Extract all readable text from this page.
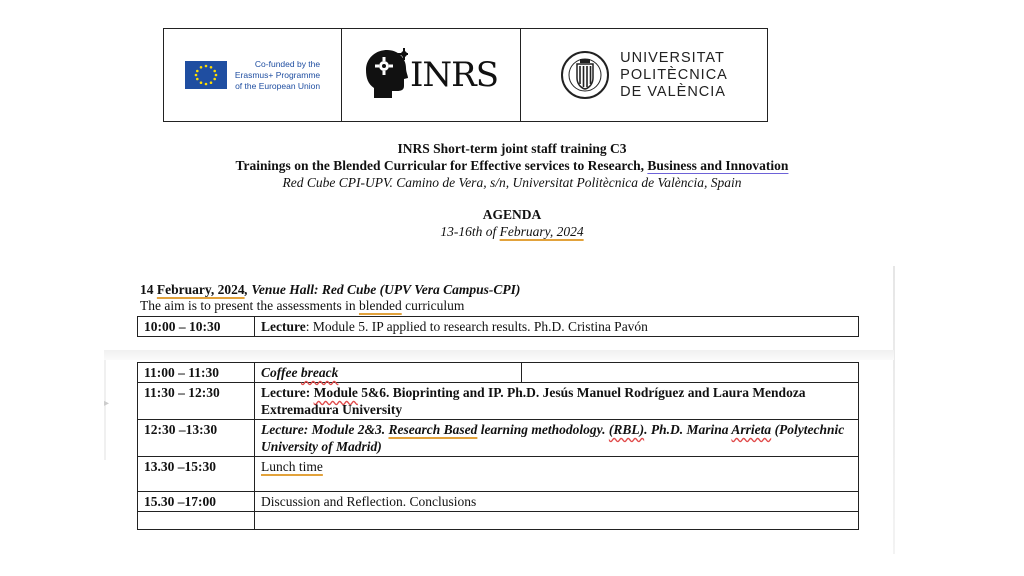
Co-funded by the
Erasmus+ Programme
of the European Union	INRS	UNIVERSITAT
POLITÈCNICA
DE VALÈNCIA
INRS Short-term joint staff training C3
Trainings on the Blended Curricular for Effective services to Research, Business and Innovation
Red Cube CPI-UPV. Camino de Vera, s/n, Universitat Politècnica de València, Spain
AGENDA
13-16th of February, 2024
▸
14 February, 2024, Venue Hall: Red Cube (UPV Vera Campus-CPI)
The aim is to present the assessments in blended curriculum
10:00 – 10:30	Lecture: Module 5. IP applied to research results. Ph.D. Cristina Pavón
11:00 – 11:30	Coffee breack

11:30 – 12:30	Lecture: Module 5&6. Bioprinting and IP. Ph.D. Jesús Manuel Rodríguez and Laura Mendoza Extremadura University
12:30 –13:30	Lecture: Module 2&3. Research Based learning methodology. (RBL). Ph.D. Marina Arrieta (Polytechnic University of Madrid)
13.30 –15:30	Lunch time
15.30 –17:00	Discussion and Reflection. Conclusions
